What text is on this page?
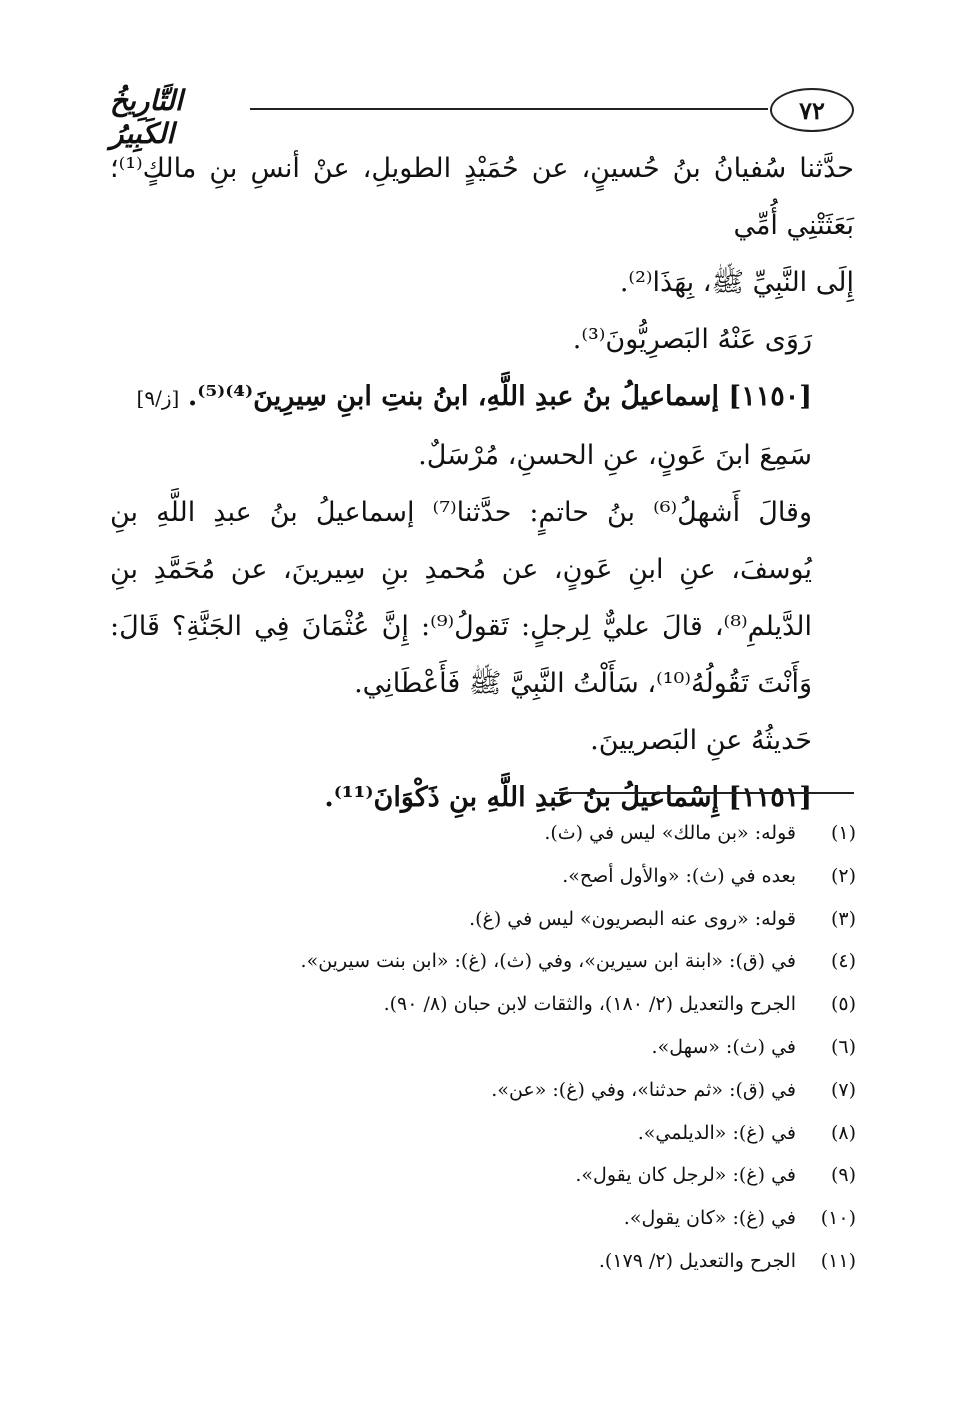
٧٢
التَّارِيخُ الكَبِيرُ

حدَّثنا سُفيانُ بنُ حُسينٍ، عن حُمَيْدٍ الطويلِ، عنْ أنسِ بنِ مالكٍ⁽¹⁾؛ بَعَثَتْنِي أُمِّي

إِلَى النَّبِيِّ ﷺ، بِهَذَا⁽²⁾.

رَوَى عَنْهُ البَصرِيُّونَ⁽³⁾.

[١١٥٠] إسماعيلُ بنُ عبدِ اللَّهِ، ابنُ بنتِ ابنِ سِيرِينَ⁽⁴⁾⁽⁵⁾. [ز/٩]

سَمِعَ ابنَ عَونٍ، عنِ الحسنِ، مُرْسَلٌ.

وقالَ أَشهلُ⁽⁶⁾ بنُ حاتمٍ: حدَّثنا⁽⁷⁾ إسماعيلُ بنُ عبدِ اللَّهِ بنِ يُوسفَ، عنِ ابنِ عَونٍ، عن مُحمدِ بنِ سِيرينَ، عن مُحَمَّدِ بنِ الدَّيلمِ⁽⁸⁾، قالَ عليٌّ لِرجلٍ: تَقولُ⁽⁹⁾: إِنَّ عُثْمَانَ فِي الجَنَّةِ؟ قَالَ: وَأَنْتَ تَقُولُهُ⁽¹⁰⁾، سَأَلْتُ النَّبِيَّ ﷺ فَأَعْطَانِي.

حَديثُهُ عنِ البَصريينَ.

[١١٥١] إِسْماعيلُ بنُ عَبدِ اللَّهِ بنِ ذَكْوَانَ⁽¹¹⁾.

(١)قوله: «بن مالك» ليس في (ث).
(٢)بعده في (ث): «والأول أصح».
(٣)قوله: «روى عنه البصريون» ليس في (غ).
(٤)في (ق): «ابنة ابن سيرين»، وفي (ث)، (غ): «ابن بنت سيرين».
(٥)الجرح والتعديل (٢/ ١٨٠)، والثقات لابن حبان (٨/ ٩٠).
(٦)في (ث): «سهل».
(٧)في (ق): «ثم حدثنا»، وفي (غ): «عن».
(٨)في (غ): «الديلمي».
(٩)في (غ): «لرجل كان يقول».
(١٠)في (غ): «كان يقول».
(١١)الجرح والتعديل (٢/ ١٧٩).
